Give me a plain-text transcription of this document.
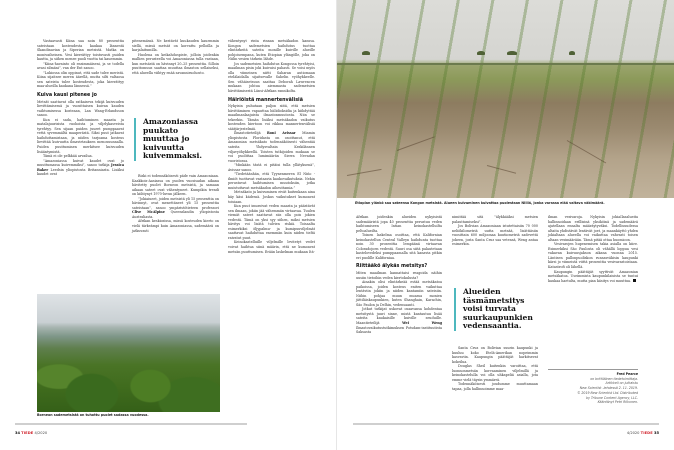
Vastaavasti Kiina saa noin 80 prosenttia sateistaan kosteudesta kaukaa lännestä Skandinavian ja Siperian metsistä. Matka on monivaiheinen. Vesi kierrättyy toistuvasti puiden kautta, ja siihen menee puoli vuotta tai kauemmin.

”Kiina-havainto oli ensimmäiseni, ja se todella avasi silmäni”, van der Ent sanoo.

”Lukiossa olin oppinut, että sade tulee meristä. Kiina sijaitsee meren äärellä, mutta silti valtaosa sen sateista tulee kosteudesta, joka kierrättyy maa-alueilla kaukana lännessä.”

Kuiva kausi pitenee jo

Metsät saattavat olla ratkaiseva tekijä kuivuuden lievittämisessä ja vuosittaisen kuivan kauden vaihtumisessa kosteaan, Lan Wang-Erlandsson sanoo.

Kun ei sada, haihtuminen maasta ja matalajuurisista ruohoista ja viljelykasveista tyrehtyy. Sen sijaan puiden juuret pumppaavat vettä syvemmältä maaperästä. Siksi puut jatkavat haihduttamistaan, ja niiden tarjoama kosteus lievittää kuivuutta ilmavirtauksen menosuunnalla. Puiden puuttuminen merkitsee kuivuuden lisääntymistä.

Tämä ei ole pelkkää arvailua.

”Amazoniassa kuivat kaudet ovat jo muuttumassa kuivemmiksi”, sanoo tutkija Jessica Baker Leedsin yliopistosta Britanniasta. Lisäksi kaudet ovat

pitenemässä. Ne kestävät kuukauden kauemmin siellä, missä metsät on korvattu pelloilla ja karjalaitumilla.

Huolena on keikahduspiste, jolloin joidenkin mallien perusteella voi Amazoniassa tulla vastaan, kun metsästä on hävinnyt 20–25 prosenttia. Silloin puuttomuus saattaa muuttaa ilmaston sellaiseksi, että alueella viihtyy enää savanniruohosto.

Amazoniassa
puukato
muuttaa jo
kuivuutta
kuivemmaksi.

Riski ei todennäköisesti päde vain Amazoniaan. Kaakkois-Aasiassa on puolen vuosisadan aikana hävitetty puolet Borneon metsistä, ja samaan aikaan sateet ovat vähentyneet. Kumpikin trendi on kiihtynyt 1970-luvun jälkeen.

”Jokiaiueet, joiden metsistä yli 15 prosenttia on hävinnyt, ovat menettäneet yli 15 prosenttia sateistaan”, sanoo ympäristötieteen professori Clive McAlpine Queenslandin yliopistosta Australiasta.

Afrikan keskiosissa, missä kosteuden kierto on vielä tärkeämpi kuin Amazoniassa, sademäärä on jatkuvasti

vähentynyt rinta rinnan metsäkadon kanssa. Kongon sademetsien haihdutus tuottaa elintärkeitä sateita monille kuiville alueille pohjoisempana, kuten Etiopian ylängölle, joka on Niilin vesien tärkein lähde.

Jos sademetsien haihdutus Kongossa tyrehtyisi, maailman pisin joki kuivuisi pahasti. Se voisi myös olla viimeinen niitti Saharan autiomaan etelälaidalla sijaitsevalle Sahelin vyöhykkeelle. Sen vähäisetsuus saattaa Deborah Lawrencen mukaan johtua aiemmasta sademetsien hävittämisestä Länsi-Afrikan rannikolta.

Häiriöistä mannertenvälisiä

Nykyisin puhutaan paljon siitä, että metsien hävittäminen vapauttaa hiilidioksidia ja kiihdyttää maailmanlaajuista ilmastonmuutosta. Niin se tekeekin. Tämän lisäksi metsäkadon vaikutus kosteuden kiertoon voi rikkoa mannertenvälisiä säätjärjestelmiä.

Ilmastotieteilijä Roni Avissar Miamin yliopistosta Floridasta on osoittanut, että Amazonian metsäkato todennäköisesti vähentää sateita Yhdysvaltain Keskilännen viljavyöhykkeellä. Toisten tutkijoiden mukaan se voi puolittaa lumimäärän Sierra Nevadan vuoristossa.

”Minkään tästä ei pitäisi tulla yllätyksenä”, Avissar sanoo.

”Tiedetäänhän, että Tyynenmeren El Niño -ilmiöt tuottavat vastaavia kaukovaikutuksia. Nekin perustuvat haihtumisen muutoksiin, jotka muistuttavat metsäkadon aiheuttamia.”

Metsäkato ja kuivuminen eivät kuitenkaan aina käy käsi kädessä. Joskus vaikutukset kumoavat toisiaan.

Kun puut imuroivat veden maasta ja päästävät sen ilmaan, jokiin jää vähemmän virtaavaa. Tuulen viemät sateet saattavat siis olla pois jokien vedestä. Tämä on yksi syy siihen, miksi metsien hävitys voi lisätä tulvien riskiä. Toisaalta esimerkiksi öljypalmu- ja kumipuuviljelmät saattavat haihduttaa enemmän kuin niiden tieltä raivatut puut.

Keinokastelluille viljelmille levitetyt vedet voivat haihtua siinä määrin, että ne kumoavat metsän puuttumisen. Erään laskelman mukaan Itä-

Borneon sademetsistä on tuhottu puolet sadassa vuodessa.
34 TIEDE 4/2020
Etiopian ylänkö saa sateensa Kongon metsistä. Alueen kuivuminen kuivattaa puolestaan Niiliä, jonka varassa elää valtava väkimäärä.

Afrikan joidenkin alueiden nykyisistä sademääristä jopa 40 prosenttia perustuu veden haihtumiseen Intian keinokastelluilta peltoalueilta.

Toinen laskelma osoittaa, että Kalifornian keinokastellun Central Valleyn haihdunta tuottaa noin 30 prosenttia lempäänä virtaavan Coloradojoen vedestä. Suuri osa siitä palautetaan kastelovedeksi pumppaamalla sitä kanavia pitkin eri puolille Kaliforniaa.

Riittääkö älykäs metsitys?

Miten maailman kannattaisi reagoida näihin uusiin tietoihin veden kiertokulusta?

Ainakin olisi elintärkeää estää metsäkatoa paikoissa, joiden kosteus eniten vaikuttaa lentäviin jokiin ja niiden kantamiin sateisiin. Niihin pohjaa muun muassa monien jättiläiskaupunkien, kuten Shanghain, Karachin, São Paulon ja Delhin, vedensaanti.

Jotkut tutkijat uskovat osaavansa kohdentaa metsitystä juuri sinne, mistä kantautuu lisää sateita kaukaisille kuiville seuduille. Maantieteilijä Wei Weng Ilmastovaikutustutkimuksen Potsdam-instituutista Saksasta

nimittää sitä ”älykkääksi metsien palauttamiseksi”.

Jos Bolivian Amazoniaan istutettaisiin 70 000 neliökilometriä uutta metsää, lisättäisiin vuosittain 600 miljoonaa kuutiometriä sadevettä jokeen, josta Santa Cruz saa vetensä, Weng antaa esimerkin.

Alueiden
täsmämetsitys
voisi turvata
suurkaupunkien
vedensaantia.

Santa Cruz on Bolivian suurin kaupunki ja kuuluu koko Etelä-Amerikan nopeimmin kasvaviin. Kaupungin päättäjät harkitsevat kokeilua.

Douglas Sheil kuitenkin varoittaa, että luonnonmetsän korvaaminen viljelmillä ja keinokastelulla voi olla uhkapeliä asialla, jota emme vielä täysin ymmärrä.

Todennäköisesti joudumme muuttamaan tapaa, jolla hallinnoimme maa-

ilman vesivaroja. Nykyisin jokiaIlasalueita hallinnoidaan erillisinä yksiköinä ja sademäärä ajatellaan ennalta määräytyväksi. Todellisuudessa altaita yhdistävät lentävät joet, ja maankäyttö yhden jokialtaan alueella voi vaikuttaa vahvasti toisen altaan vesimäärään. Tämä pitää ottaa huomioon.

Vesivarojen hupenemisen takia asialla on kiire. Esimerkiksi São Paulosta oli vähällä loppua vesi vakavan kuivuusjakson aikana vuonna 2015. Läntisen pallonpuoliskon runsasväkisin kaupunki kärsi jo viimeistä viittä prosenttia vesivarastoistaan. Katastrofi oli lähellä.

Kaupungin päättäjät syyttivät Amazonian metsäkatoa. Useimmista kaupunkilaisista se tuntui kaukaa haetulta, mutta pian käsitys voi muuttua.

Fred Pearce
on brittiläinen tiedetoimittaja.
Artikkeli on julkaistu
New Scientist -lehdessä 2. 11. 2019.
© 2019 New Scientist Ltd. Distributed
by Tribune Content Agency, LLC.
Kääntänyt Petri Riikonen.
4/2020 TIEDE 35
